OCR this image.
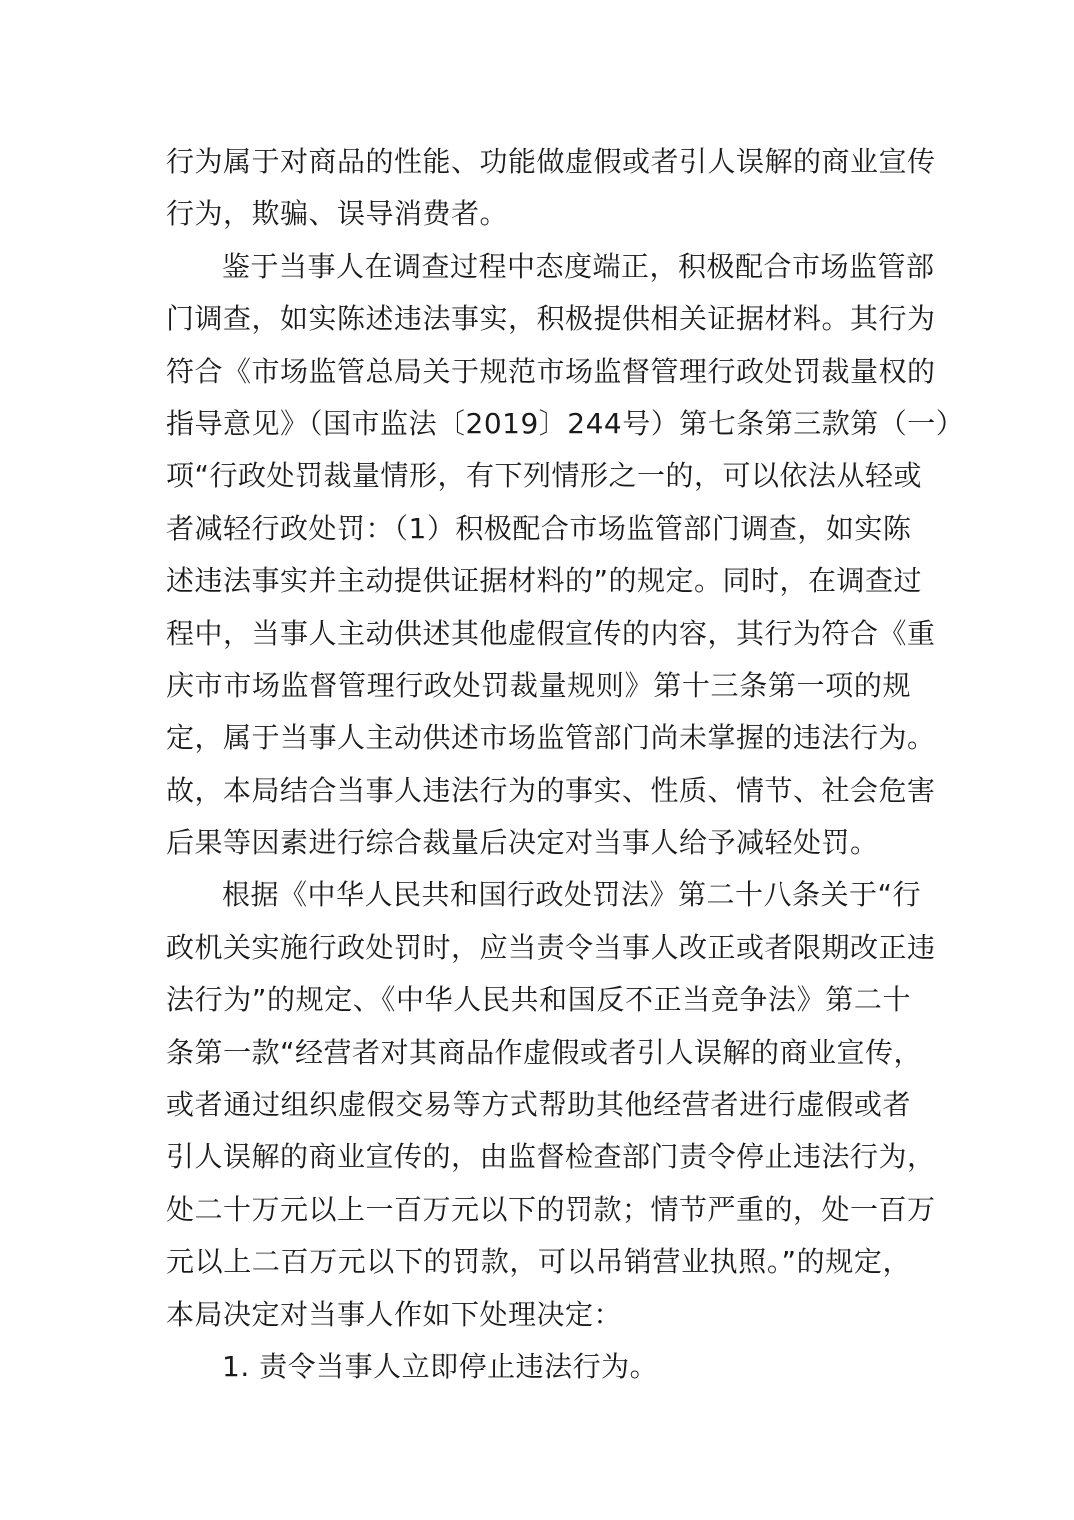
行为属于对商品的性能、功能做虚假或者引人误解的商业宣传
行为，欺骗、误导消费者。
鉴于当事人在调查过程中态度端正，积极配合市场监管部
门调查，如实陈述违法事实，积极提供相关证据材料。其行为
符合《市场监管总局关于规范市场监督管理行政处罚裁量权的
指导意见》（国市监法〔2019〕244号）第七条第三款第（一）
项“行政处罚裁量情形，有下列情形之一的，可以依法从轻或
者减轻行政处罚：（1）积极配合市场监管部门调查，如实陈
述违法事实并主动提供证据材料的”的规定。同时，在调查过
程中，当事人主动供述其他虚假宣传的内容，其行为符合《重
庆市市场监督管理行政处罚裁量规则》第十三条第一项的规
定，属于当事人主动供述市场监管部门尚未掌握的违法行为。
故，本局结合当事人违法行为的事实、性质、情节、社会危害
后果等因素进行综合裁量后决定对当事人给予减轻处罚。
根据《中华人民共和国行政处罚法》第二十八条关于“行
政机关实施行政处罚时，应当责令当事人改正或者限期改正违
法行为”的规定、《中华人民共和国反不正当竞争法》第二十
条第一款“经营者对其商品作虚假或者引人误解的商业宣传，
或者通过组织虚假交易等方式帮助其他经营者进行虚假或者
引人误解的商业宣传的，由监督检查部门责令停止违法行为，
处二十万元以上一百万元以下的罚款；情节严重的，处一百万
元以上二百万元以下的罚款，可以吊销营业执照。”的规定，
本局决定对当事人作如下处理决定：
1. 责令当事人立即停止违法行为。
